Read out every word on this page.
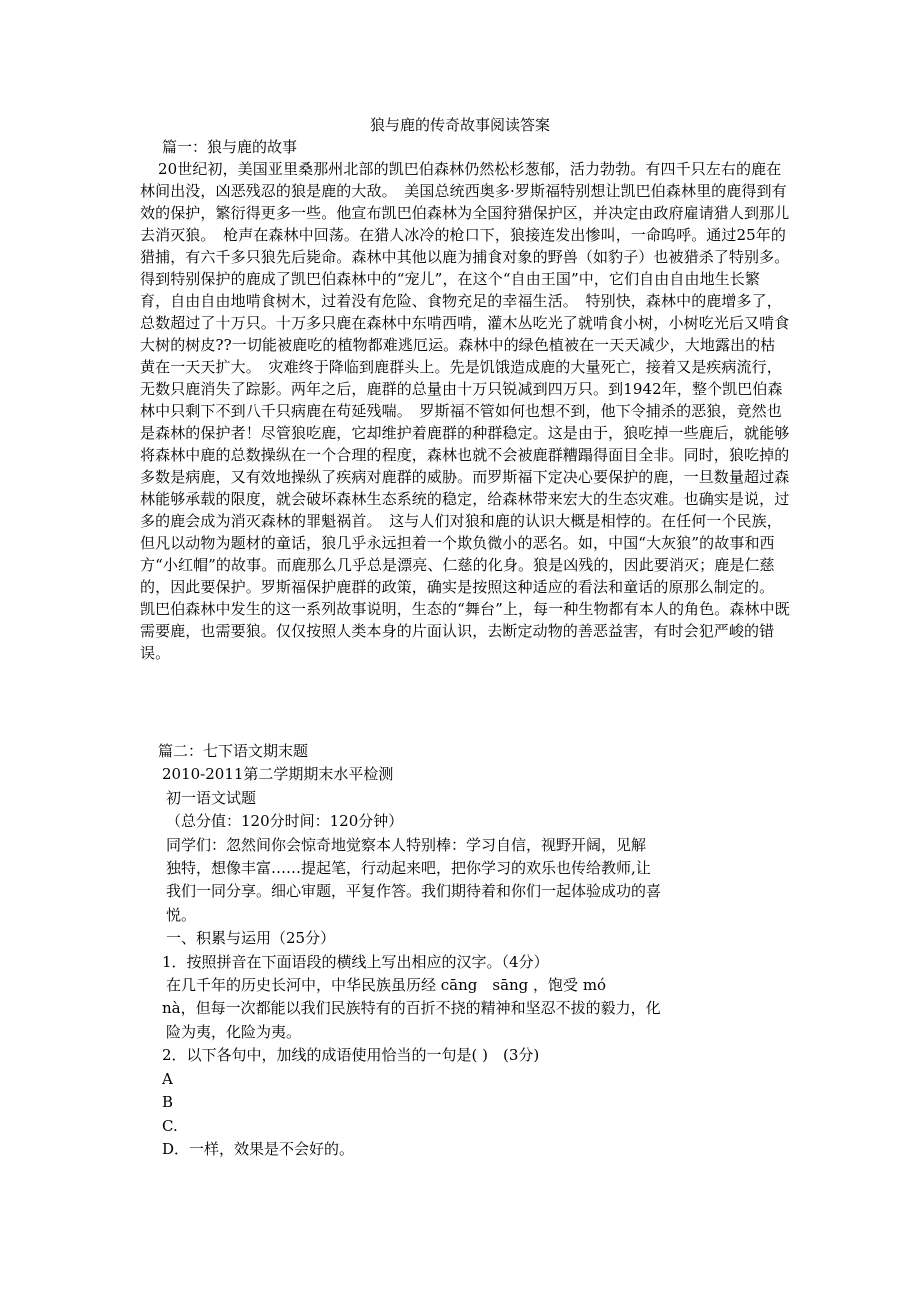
狼与鹿的传奇故事阅读答案
篇一：狼与鹿的故事
20世纪初，美国亚里桑那州北部的凯巴伯森林仍然松杉葱郁，活力勃勃。有四千只左右的鹿在林间出没，凶恶残忍的狼是鹿的大敌。　美国总统西奥多·罗斯福特别想让凯巴伯森林里的鹿得到有效的保护，繁衍得更多一些。他宣布凯巴伯森林为全国狩猎保护区，并决定由政府雇请猎人到那儿去消灭狼。　枪声在森林中回荡。在猎人冰冷的枪口下，狼接连发出惨叫，一命呜呼。通过25年的猎捕，有六千多只狼先后毙命。森林中其他以鹿为捕食对象的野兽（如豹子）也被猎杀了特别多。　得到特别保护的鹿成了凯巴伯森林中的“宠儿”，在这个“自由王国”中，它们自由自由地生长繁育，自由自由地啃食树木，过着没有危险、食物充足的幸福生活。　特别快，森林中的鹿增多了，总数超过了十万只。十万多只鹿在森林中东啃西啃，灌木丛吃光了就啃食小树，小树吃光后又啃食大树的树皮??一切能被鹿吃的植物都难逃厄运。森林中的绿色植被在一天天减少，大地露出的枯黄在一天天扩大。　灾难终于降临到鹿群头上。先是饥饿造成鹿的大量死亡，接着又是疾病流行，无数只鹿消失了踪影。两年之后，鹿群的总量由十万只锐减到四万只。到1942年，整个凯巴伯森林中只剩下不到八千只病鹿在苟延残喘。　罗斯福不管如何也想不到，他下令捕杀的恶狼，竟然也是森林的保护者！尽管狼吃鹿，它却维护着鹿群的种群稳定。这是由于，狼吃掉一些鹿后，就能够将森林中鹿的总数操纵在一个合理的程度，森林也就不会被鹿群糟蹋得面目全非。同时，狼吃掉的多数是病鹿，又有效地操纵了疾病对鹿群的威胁。而罗斯福下定决心要保护的鹿，一旦数量超过森林能够承载的限度，就会破坏森林生态系统的稳定，给森林带来宏大的生态灾难。也确实是说，过多的鹿会成为消灭森林的罪魁祸首。　这与人们对狼和鹿的认识大概是相悖的。在任何一个民族，但凡以动物为题材的童话，狼几乎永远担着一个欺负微小的恶名。如，中国“大灰狼”的故事和西方“小红帽”的故事。而鹿那么几乎总是漂亮、仁慈的化身。狼是凶残的，因此要消灭；鹿是仁慈的，因此要保护。罗斯福保护鹿群的政策，确实是按照这种适应的看法和童话的原那么制定的。　凯巴伯森林中发生的这一系列故事说明，生态的“舞台”上，每一种生物都有本人的角色。森林中既需要鹿，也需要狼。仅仅按照人类本身的片面认识，去断定动物的善恶益害，有时会犯严峻的错误。
篇二：七下语文期末题
2010-2011第二学期期末水平检测
初一语文试题
（总分值：120分时间：120分钟）
同学们：忽然间你会惊奇地觉察本人特别棒：学习自信，视野开阔，见解
独特，想像丰富……提起笔，行动起来吧，把你学习的欢乐也传给教师,让
我们一同分享。细心审题，平复作答。我们期待着和你们一起体验成功的喜
悦。
一、积累与运用（25分）
1．按照拼音在下面语段的横线上写出相应的汉字。（4分）
在几千年的历史长河中，中华民族虽历经 cāng　sāng ，饱受 mó
nà，但每一次都能以我们民族特有的百折不挠的精神和坚忍不拔的毅力，化
险为夷，化险为夷。
2．以下各句中，加线的成语使用恰当的一句是( )　(3分)
A
B
C.
D．一样，效果是不会好的。
